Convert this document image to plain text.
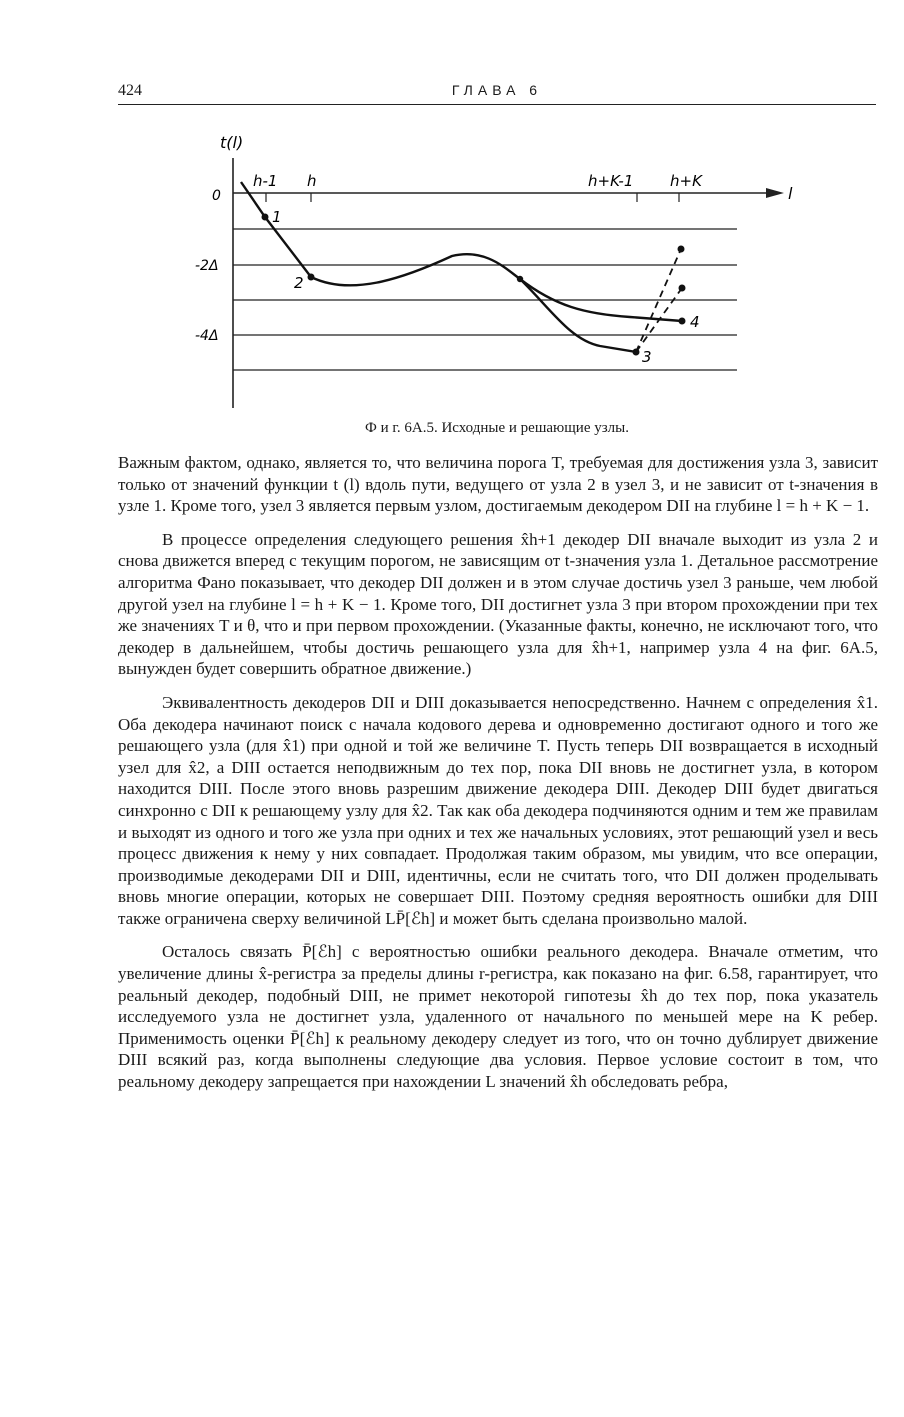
424	ГЛАВА 6
t(l)
l
0
-2Δ
-4Δ
h-1 h	h+K-1 h+K
1
2
3
4
Ф и г. 6А.5. Исходные и решающие узлы.

Важным фактом, однако, является то, что величина порога T, требуемая для достижения узла 3, зависит только от значений функции t (l) вдоль пути, ведущего от узла 2 в узел 3, и не зависит от t-значения в узле 1. Кроме того, узел 3 является первым узлом, достигаемым декодером DII на глубине l = h + K − 1.

В процессе определения следующего решения x̂h+1 декодер DII вначале выходит из узла 2 и снова движется вперед с текущим порогом, не зависящим от t-значения узла 1. Детальное рассмотрение алгоритма Фано показывает, что декодер DII должен и в этом случае достичь узел 3 раньше, чем любой другой узел на глубине l = h + K − 1. Кроме того, DII достигнет узла 3 при втором прохождении при тех же значениях T и θ, что и при первом прохождении. (Указанные факты, конечно, не исключают того, что декодер в дальнейшем, чтобы достичь решающего узла для x̂h+1, например узла 4 на фиг. 6А.5, вынужден будет совершить обратное движение.)

Эквивалентность декодеров DII и DIII доказывается непосредственно. Начнем с определения x̂1. Оба декодера начинают поиск с начала кодового дерева и одновременно достигают одного и того же решающего узла (для x̂1) при одной и той же величине T. Пусть теперь DII возвращается в исходный узел для x̂2, а DIII остается неподвижным до тех пор, пока DII вновь не достигнет узла, в котором находится DIII. После этого вновь разрешим движение декодера DIII. Декодер DIII будет двигаться синхронно с DII к решающему узлу для x̂2. Так как оба декодера подчиняются одним и тем же правилам и выходят из одного и того же узла при одних и тех же начальных условиях, этот решающий узел и весь процесс движения к нему у них совпадает. Продолжая таким образом, мы увидим, что все операции, производимые декодерами DII и DIII, идентичны, если не считать того, что DII должен проделывать вновь многие операции, которых не совершает DIII. Поэтому средняя вероятность ошибки для DIII также ограничена сверху величиной LP̄[ℰh] и может быть сделана произвольно малой.

Осталось связать P̄[ℰh] с вероятностью ошибки реального декодера. Вначале отметим, что увеличение длины x̂-регистра за пределы длины r-регистра, как показано на фиг. 6.58, гарантирует, что реальный декодер, подобный DIII, не примет некоторой гипотезы x̂h до тех пор, пока указатель исследуемого узла не достигнет узла, удаленного от начального по меньшей мере на K ребер. Применимость оценки P̄[ℰh] к реальному декодеру следует из того, что он точно дублирует движение DIII всякий раз, когда выполнены следующие два условия. Первое условие состоит в том, что реальному декодеру запрещается при нахождении L значений x̂h обследовать ребра,
